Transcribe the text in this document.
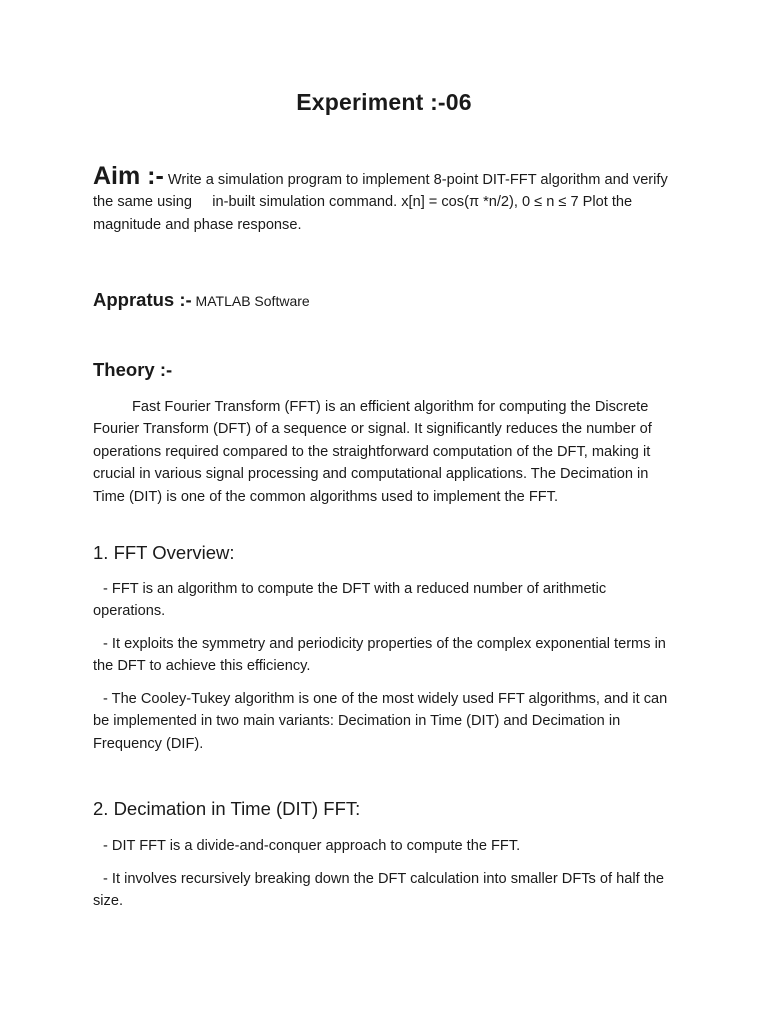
Experiment :-06
Aim :- Write a simulation program to implement 8-point DIT-FFT algorithm and verify the same using     in-built simulation command. x[n] = cos(π *n/2), 0 ≤ n ≤ 7 Plot the magnitude and phase response.
Appratus :- MATLAB Software
Theory :-
Fast Fourier Transform (FFT) is an efficient algorithm for computing the Discrete Fourier Transform (DFT) of a sequence or signal. It significantly reduces the number of operations required compared to the straightforward computation of the DFT, making it crucial in various signal processing and computational applications. The Decimation in Time (DIT) is one of the common algorithms used to implement the FFT.
1. FFT Overview:
- FFT is an algorithm to compute the DFT with a reduced number of arithmetic operations.
- It exploits the symmetry and periodicity properties of the complex exponential terms in the DFT to achieve this efficiency.
- The Cooley-Tukey algorithm is one of the most widely used FFT algorithms, and it can be implemented in two main variants: Decimation in Time (DIT) and Decimation in Frequency (DIF).
2. Decimation in Time (DIT) FFT:
- DIT FFT is a divide-and-conquer approach to compute the FFT.
- It involves recursively breaking down the DFT calculation into smaller DFTs of half the size.
